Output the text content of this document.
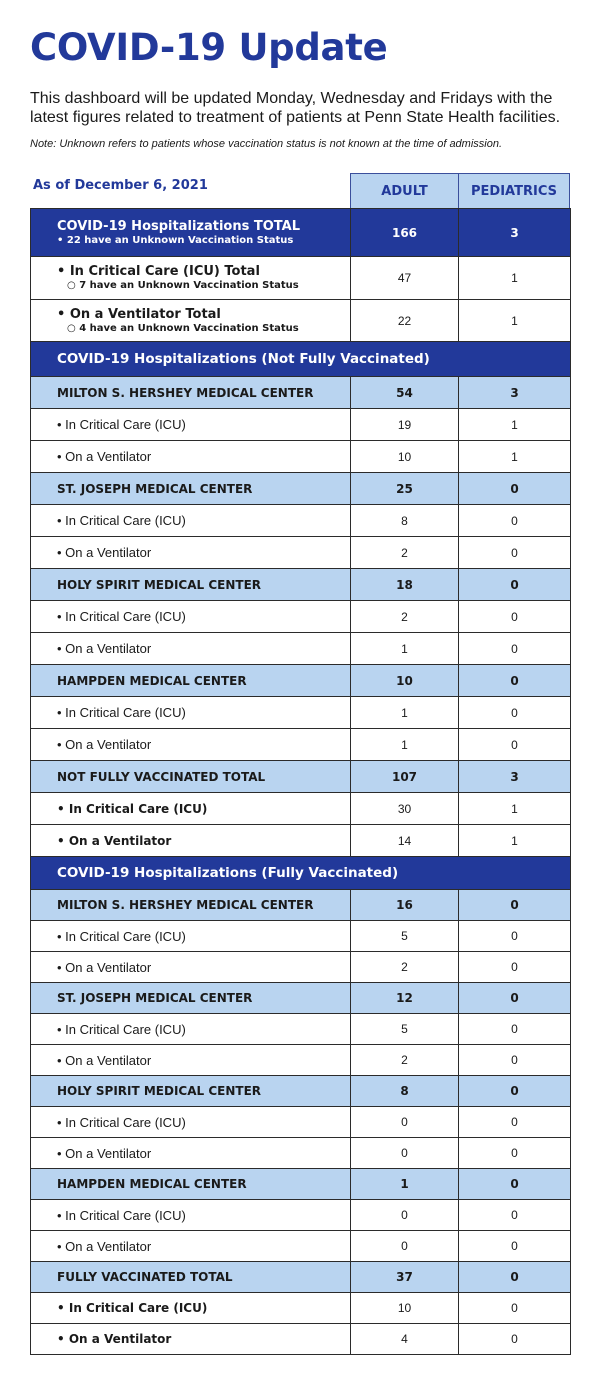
COVID-19 Update
This dashboard will be updated Monday, Wednesday and Fridays with the latest figures related to treatment of patients at Penn State Health facilities.
Note: Unknown refers to patients whose vaccination status is not known at the time of admission.
As of December 6, 2021	ADULT	PEDIATRICS
COVID-19 Hospitalizations TOTAL
• 22 have an Unknown Vaccination Status	166	3

• In Critical Care (ICU) Total
○ 7 have an Unknown Vaccination Status	47	1

• On a Ventilator Total
○ 4 have an Unknown Vaccination Status	22	1
COVID-19 Hospitalizations (Not Fully Vaccinated)		
MILTON S. HERSHEY MEDICAL CENTER	54	3
• In Critical Care (ICU)	19	1
• On a Ventilator	10	1
ST. JOSEPH MEDICAL CENTER	25	0
• In Critical Care (ICU)	8	0
• On a Ventilator	2	0
HOLY SPIRIT MEDICAL CENTER	18	0
• In Critical Care (ICU)	2	0
• On a Ventilator	1	0
HAMPDEN MEDICAL CENTER	10	0
• In Critical Care (ICU)	1	0
• On a Ventilator	1	0
NOT FULLY VACCINATED TOTAL	107	3
• In Critical Care (ICU)	30	1
• On a Ventilator	14	1
COVID-19 Hospitalizations (Fully Vaccinated)		
MILTON S. HERSHEY MEDICAL CENTER	16	0
• In Critical Care (ICU)	5	0
• On a Ventilator	2	0
ST. JOSEPH MEDICAL CENTER	12	0
• In Critical Care (ICU)	5	0
• On a Ventilator	2	0
HOLY SPIRIT MEDICAL CENTER	8	0
• In Critical Care (ICU)	0	0
• On a Ventilator	0	0
HAMPDEN MEDICAL CENTER	1	0
• In Critical Care (ICU)	0	0
• On a Ventilator	0	0
FULLY VACCINATED TOTAL	37	0
• In Critical Care (ICU)	10	0
• On a Ventilator	4	0
